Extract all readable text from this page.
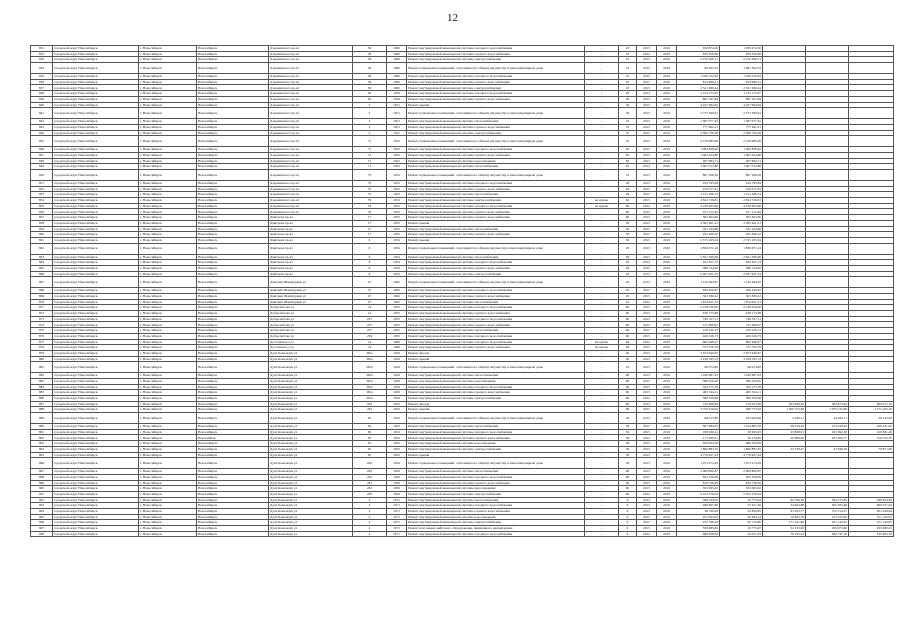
12
831	городской округ Новосибирск	г. Новосибирск	Новосибирск	Дзержинского пр-кт	36	1960	Ремонт внутридомовой инженерной системы холодного водоснабжения	-	23	2015	2016	650 874,20	1 059 474,36			
832	городской округ Новосибирск	г. Новосибирск	Новосибирск	Дзержинского пр-кт	36	1960	Ремонт внутридомовой инженерной системы горячего водоснабжения	-	23	2015	2016	879 358,69	879 358,69			
833	городской округ Новосибирск	г. Новосибирск	Новосибирск	Дзержинского пр-кт	36	1960	Ремонт внутридомовой инженерной системы электроснабжения	-	23	2015	2016	2 270 266,71	2 270 266,71			
834	городской округ Новосибирск	г. Новосибирск	Новосибирск	Дзержинского пр-кт	36	1960	Ремонт подвальных помещений, относящихся к общему имуществу в многоквартирном доме	-	16	2015	2016	69 362,53	1 081 362,53			
835	городской округ Новосибирск	г. Новосибирск	Новосибирск	Дзержинского пр-кт	36	1960	Ремонт внутридомовой инженерной системы холодного водоснабжения	-	45	2015	2016	1 036 532,93	1 036 532,93			
836	городской округ Новосибирск	г. Новосибирск	Новосибирск	Дзержинского пр-кт	36	1960	Ремонт внутридомовой инженерной системы горячего водоснабжения	-	45	2015	2016	814 980,21	814 980,21			
837	городской округ Новосибирск	г. Новосибирск	Новосибирск	Дзержинского пр-кт	36	1960	Ремонт внутридомовой инженерной системы электроснабжения	-	45	2015	2016	2 521 690,44	2 521 690,44			
838	городской округ Новосибирск	г. Новосибирск	Новосибирск	Дзержинского пр-кт	40	1956	Ремонт внутридомовой инженерной системы холодного водоснабжения	-	30	2015	2016	1 123 175,07	1 123 175,07			
839	городской округ Новосибирск	г. Новосибирск	Новосибирск	Дзержинского пр-кт	40	1956	Ремонт внутридомовой инженерной системы горячего водоснабжения	-	30	2015	2016	897 167,84	897 167,84			
840	городской округ Новосибирск	г. Новосибирск	Новосибирск	Дзержинского пр-кт	2	1951	Ремонт крыши	-	30	2015	2016	4 427 694,93	4 427 694,93			
841	городской округ Новосибирск	г. Новосибирск	Новосибирск	Дзержинского пр-кт	2	1951	Ремонт подвальных помещений, относящихся к общему имуществу в многоквартирном доме	-	30	2015	2016	2 773 399,61	2 773 399,61			
842	городской округ Новосибирск	г. Новосибирск	Новосибирск	Дзержинского пр-кт	2	1951	Ремонт внутридомовой инженерной системы теплоснабжения	-	35	2015	2016	1 587 077,45	1 587 077,45			
843	городской округ Новосибирск	г. Новосибирск	Новосибирск	Дзержинского пр-кт	2	1951	Ремонт внутридомовой инженерной системы горячего водоснабжения	-	35	2015	2016	777 662,21	777 662,21			
844	городской округ Новосибирск	г. Новосибирск	Новосибирск	Дзержинского пр-кт	2	1951	Ремонт внутридомовой инженерной системы электроснабжения	-	35	2015	2016	2 560 720,58	2 560 720,58			
845	городской округ Новосибирск	г. Новосибирск	Новосибирск	Дзержинского пр-кт	71	1952	Ремонт подвальных помещений, относящихся к общему имуществу в многоквартирном доме	-	35	2015	2016	2 156 985,99	2 156 985,99			
846	городской округ Новосибирск	г. Новосибирск	Новосибирск	Дзержинского пр-кт	71	1952	Ремонт внутридомовой инженерной системы холодного водоснабжения	-	65	2015	2016	1 092 838,62	1 092 838,62			
847	городской округ Новосибирск	г. Новосибирск	Новосибирск	Дзержинского пр-кт	71	1952	Ремонт внутридомовой инженерной системы горячего водоснабжения	-	65	2015	2016	1 062 424,80	1 062 424,80			
848	городской округ Новосибирск	г. Новосибирск	Новосибирск	Дзержинского пр-кт	71	1952	Ремонт внутридомовой инженерной системы водоотведения	-	65	2015	2016	267 684,71	267 684,71			
849	городской округ Новосибирск	г. Новосибирск	Новосибирск	Дзержинского пр-кт	71	1952	Ремонт внутридомовой инженерной системы теплоснабжения	-	65	2015	2016	1 607 012,86	1 607 012,86			
850	городской округ Новосибирск	г. Новосибирск	Новосибирск	Дзержинского пр-кт	75	1952	Ремонт подвальных помещений, относящихся к общему имуществу в многоквартирном доме	-	52	2015	2016	897 168,56	897 168,56			
851	городской округ Новосибирск	г. Новосибирск	Новосибирск	Дзержинского пр-кт	75	1952	Ремонт внутридомовой инженерной системы холодного водоснабжения	-	29	2015	2016	434 795,84	434 795,84			
852	городской округ Новосибирск	г. Новосибирск	Новосибирск	Дзержинского пр-кт	75	1952	Ремонт внутридомовой инженерной системы горячего водоснабжения	-	29	2015	2016	476 577,61	476 577,61			
853	городской округ Новосибирск	г. Новосибирск	Новосибирск	Дзержинского пр-кт	75	1952	Ремонт внутридомовой инженерной системы теплоснабжения	-	29	2015	2016	1 151 566,74	1 151 566,74			
854	городской округ Новосибирск	г. Новосибирск	Новосибирск	Дзержинского пр-кт	79	1952	Ремонт внутридомовой инженерной системы электроснабжения	не нужно	62	2015	2016	2 824 726,81	2 824 726,81			
855	городской округ Новосибирск	г. Новосибирск	Новосибирск	Дзержинского пр-кт	79	1952	Ремонт внутридомовой инженерной системы холодного водоснабжения	не нужно	60	2015	2016	4 230 903,66	4 230 903,66			
856	городской округ Новосибирск	г. Новосибирск	Новосибирск	Дзержинского пр-кт	79	1952	Ремонт внутридомовой инженерной системы горячего водоснабжения	-	60	2015	2016	471 212,49	471 212,49			
857	городской округ Новосибирск	г. Новосибирск	Новосибирск	Дмитрова пр-кт	17	1955	Ремонт внутридомовой инженерной системы горячего водоснабжения	-	60	2015	2016	505 604,60	505 604,60			
858	городской округ Новосибирск	г. Новосибирск	Новосибирск	Дмитрова пр-кт	17	1955	Ремонт крыши	-	30	2015	2016	4 585 461,41	4 585 461,41			
859	городской округ Новосибирск	г. Новосибирск	Новосибирск	Дмитрова пр-кт	17	1955	Ремонт внутридомовой инженерной системы теплоснабжения	-	30	2015	2016	321 324,86	321 324,86			
860	городской округ Новосибирск	г. Новосибирск	Новосибирск	Дмитрова пр-кт	17	1955	Ремонт внутридомовой инженерной системы горячего водоснабжения	-	30	2015	2016	455 499,22	455 499,22			
861	городской округ Новосибирск	г. Новосибирск	Новосибирск	Дмитрова пр-кт	6	1954	Ремонт крыши	-	39	2015	2016	2 715 165,04	2 745 165,04			
862	городской округ Новосибирск	г. Новосибирск	Новосибирск	Дмитрова пр-кт	6	1954	Ремонт подвальных помещений, относящихся к общему имуществу в многоквартирном доме	-	29	2015	2016	1 856 671,24	1 856 671,24			
863	городской округ Новосибирск	г. Новосибирск	Новосибирск	Дмитрова пр-кт	6	1954	Ремонт внутридомовой инженерной системы теплоснабжения	-	29	2015	2016	2 651 590,06	2 651 590,06			
864	городской округ Новосибирск	г. Новосибирск	Новосибирск	Дмитрова пр-кт	6	1954	Ремонт внутридомовой инженерной системы холодного водоснабжения	-	29	2015	2016	622 427,13	622 427,13			
865	городской округ Новосибирск	г. Новосибирск	Новосибирск	Дмитрова пр-кт	6	1954	Ремонт внутридомовой инженерной системы горячего водоснабжения	-	29	2015	2016	388 134,65	388 134,65			
866	городской округ Новосибирск	г. Новосибирск	Новосибирск	Дмитрова пр-кт	6	1954	Ремонт внутридомовой инженерной системы электроснабжения	-	29	2015	2016	2 261 921,33	2 261 921,33			
867	городской округ Новосибирск	г. Новосибирск	Новосибирск	Дмитрия Шамшурина ул	47	1962	Ремонт подвальных помещений, относящихся к общему имуществу в многоквартирном доме	-	29	2015	2016	1 120 284,67	1 120 284,67			
868	городской округ Новосибирск	г. Новосибирск	Новосибирск	Дмитрия Шамшурина ул	47	1962	Ремонт внутридомовой инженерной системы холодного водоснабжения	-	45	2015	2016	636 420,87	636 420,87			
869	городской округ Новосибирск	г. Новосибирск	Новосибирск	Дмитрия Шамшурина ул	47	1962	Ремонт внутридомовой инженерной системы горячего водоснабжения	-	45	2015	2016	303 380,22	303 380,22			
870	городской округ Новосибирск	г. Новосибирск	Новосибирск	Дмитрия Шамшурина ул	47	1962	Ремонт внутридомовой инженерной системы теплоснабжения	-	45	2015	2016	1 814 921,31	1 814 921,31			
871	городской округ Новосибирск	г. Новосибирск	Новосибирск	Добролюбова ул	14	1955	Ремонт внутридомовой инженерной системы холодного водоснабжения	-	60	2015	2016	2 158 230,00	2 158 230,00			
872	городской округ Новосибирск	г. Новосибирск	Новосибирск	Добролюбова ул	14	1955	Ремонт внутридомовой инженерной системы горячего водоснабжения	-	60	2015	2016	918 173,98	918 173,98			
873	городской округ Новосибирск	г. Новосибирск	Новосибирск	Добролюбова ул	257	1955	Ремонт внутридомовой инженерной системы холодного водоснабжения	-	60	2015	2016	726 557,11	726 557,11			
874	городской округ Новосибирск	г. Новосибирск	Новосибирск	Добролюбова ул	257	1955	Ремонт внутридомовой инженерной системы горячего водоснабжения	-	60	2015	2016	131 699,97	131 699,97			
875	городской округ Новосибирск	г. Новосибирск	Новосибирск	Добролюбова ул	257	1955	Ремонт внутридомовой инженерной системы теплоснабжения	-	60	2015	2016	156 520,13	156 520,13			
876	городской округ Новосибирск	г. Новосибирск	Новосибирск	Добролюбова ул	259	1955	Ремонт внутридомовой инженерной системы холодного водоснабжения	-	60	2015	2016	426 526,73	426 526,73			
877	городской округ Новосибирск	г. Новосибирск	Новосибирск	Достоевского ул	14	1966	Ремонт внутридомовой инженерной системы холодного водоснабжения	не нужно	49	2015	2016	692 498,47	692 498,47			
878	городской округ Новосибирск	г. Новосибирск	Новосибирск	Достоевского ул	14	1966	Ремонт внутридомовой инженерной системы горячего водоснабжения	не нужно	49	2015	2016	573 756,79	573 756,79			
879	городской округ Новосибирск	г. Новосибирск	Новосибирск	Дуси Ковальчук ул	381a	1929	Ремонт фасада	-	40	2015	2016	2 673 640,67	2 673 640,67			
880	городской округ Новосибирск	г. Новосибирск	Новосибирск	Дуси Ковальчук ул	381a	1929	Ремонт крыши	-	40	2015	2016	3 018 595,13	3 018 595,13			
881	городской округ Новосибирск	г. Новосибирск	Новосибирск	Дуси Ковальчук ул	381a	1929	Ремонт подвальных помещений, относящихся к общему имуществу в многоквартирном доме	-	25	2015	2016	66 074,82	66 074,82			
882	городской округ Новосибирск	г. Новосибирск	Новосибирск	Дуси Ковальчук ул	381a	1929	Ремонт внутридомовой инженерной системы теплоснабжения	-	60	2015	2016	1 160 987,43	1 160 987,43			
883	городской округ Новосибирск	г. Новосибирск	Новосибирск	Дуси Ковальчук ул	381a	1929	Ремонт внутридомовой инженерной системы водоотведения	-	60	2015	2016	589 259,20	589 259,20			
884	городской округ Новосибирск	г. Новосибирск	Новосибирск	Дуси Ковальчук ул	381a	1929	Ремонт внутридомовой инженерной системы холодного водоснабжения	-	60	2015	2016	354 175,78	354 175,78			
885	городской округ Новосибирск	г. Новосибирск	Новосибирск	Дуси Ковальчук ул	381a	1929	Ремонт внутридомовой инженерной системы горячего водоснабжения	-	60	2015	2016	465 524,11	465 524,11			
886	городской округ Новосибирск	г. Новосибирск	Новосибирск	Дуси Ковальчук ул	381a	1929	Ремонт внутридомовой инженерной системы электроснабжения	-	60	2015	2016	589 359,68	589 359,68			
887	городской округ Новосибирск	г. Новосибирск	Новосибирск	Дуси Ковальчук ул	263	1952	Ремонт фасада	-	60	2015	2016	732 698,83	110 953,06	293 089,26	582 873,04	669 673,10
888	городской округ Новосибирск	г. Новосибирск	Новосибирск	Дуси Ковальчук ул	263	1952	Ремонт крыши	-	60	2015	2016	3 750 616,94	568 773,63	1 500 753,08	1 970 125,69	1 172 105,10
889	городской округ Новосибирск	г. Новосибирск	Новосибирск	Дуси Ковальчук ул	65	1952	Ремонт подвальных помещений, относящихся к общему имуществу в многоквартирном доме	-	39	2015	2016	66 015,80	455 950,06	5 050,11	44 945,11	29 145,03
890	городской округ Новосибирск	г. Новосибирск	Новосибирск	Дуси Ковальчук ул	65	1952	Ремонт внутридомовой инженерной системы теплоснабжения	-	39	2015	2016	607 984,05	1 612 865,78	20 234,18	212 039,45	160 911,02
891	городской округ Новосибирск	г. Новосибирск	Новосибирск	Дуси Ковальчук ул	65	1952	Ремонт внутридомовой инженерной системы холодного водоснабжения	-	39	2015	2016	198 290,41	30 063,03	25 868,91	181 992,38	126 861,28
892	городской округ Новосибирск	г. Новосибирск	Новосибirsk	Дуси Ковальчук ул	65	1952	Ремонт внутридомовой инженерной системы горячего водоснабжения	-	39	2015	2016	171 009,31	26 119,85	30 689,00	181 993,77	156 523,76
893	городской округ Новосибирск	г. Новосибирск	Новосибирск	Дуси Ковальчук ул	65	1952	Ремонт внутридомовой инженерной системы водоотведения	-	39	2015	2016	656 064,56	666 329,09			
894	городской округ Новосибирск	г. Новосибирск	Новосибирск	Дуси Ковальчук ул	65	1952	Ремонт внутридомовой инженерной системы электроснабжения	-	39	2015	2016	1 800 883,35	1 800 883,35	22 339,47	47 846,29	79 871,06
895	городской округ Новосибирск	г. Новосибирск	Новосибирск	Дуси Ковальчук ул	65	1952	Ремонт крыши	-	39	2015	2016	4 770 627,24	4 770 627,24			
896	городской округ Новосибирск	г. Новосибирск	Новосибирск	Дуси Ковальчук ул	263	1956	Ремонт подвальных помещений, относящихся к общему имуществу в многоквартирном доме	-	29	2015	2016	1 073 274,29	1 073 274,29			
897	городской округ Новосибирск	г. Новосибирск	Новосибирск	Дуси Ковальчук ул	263	1956	Ремонт внутридомовой инженерной системы теплоснабжения	-	60	2015	2016	2 009 800,87	2 009 800,87			
898	городской округ Новосибирск	г. Новосибирск	Новосибирск	Дуси Ковальчук ул	263	1956	Ремонт внутридомовой инженерной системы холодного водоснабжения	-	60	2015	2016	652 356,09	652 356,09			
899	городской округ Новосибирск	г. Новосибирск	Новосибирск	Дуси Ковальчук ул	263	1956	Ремонт внутридомовой инженерной системы горячего водоснабжения	-	60	2015	2016	816 738,29	816 738,29			
900	городской округ Новосибирск	г. Новосибирск	Новосибирск	Дуси Ковальчук ул	263	1956	Ремонт внутридомовой инженерной системы водоотведения	-	60	2015	2016	353 093,02	353 093,02			
901	городской округ Новосибирск	г. Новосибирск	Новосибирск	Дуси Ковальчук ул	263	1956	Ремонт внутридомовой инженерной системы электроснабжения	-	60	2015	2016	2 102 376,04	2 102 376,04			
902	городской округ Новосибирск	г. Новосибирск	Новосибирск	Дуси Ковальчук ул	2	1971	Ремонт внутридомовой инженерной системы теплоснабжения	-	9	2015	2016	588 764,02	70 775,04	94 799,36	394 775,85	590 844,84
903	городской округ Новосибирск	г. Новосибирск	Новосибирск	Дуси Ковальчук ул	2	1971	Ремонт внутридомовой инженерной системы холодного водоснабжения	-	9	2015	2016	468 667,60	57 611,36	34 994,88	305 263,48	609 527,04
904	городской округ Новосибирск	г. Новосибирск	Новосибирск	Дуси Ковальчук ул	2	1971	Ремонт внутридомовой инженерной системы горячего водоснабжения	-	9	2015	2016	36 790,09	22 806,85	91 655,77	572 514,57	651 928,94
905	городской округ Новосибирск	г. Новосибирск	Новосибирск	Дуси Ковальчук ул	2	1971	Ремонт внутридомовой инженерной системы водоотведения	-	9	2015	2016	451 004,02	20 484,14	76 862,76	131 070,43	151 142,97
906	городской округ Новосибирск	г. Новосибирск	Новосибирск	Дуси Ковальчук ул	2	1971	Ремонт внутридомовой инженерной системы электроснабжения	-	9	2015	2016	472 796,29	63 710,60	171 241,66	161 142,97	151 142,97
907	городской округ Новосибирск	г. Новосибирск	Новосибирск	Дуси Ковальчук ул	2	1971	Ремонт или замена лифтового оборудования, признанного непригодным	-	9	2015	2016	539 685,84	19 775,07	52 233,06	256 673,06	255 980,23
908	городской округ Новосибирск	г. Новосибирск	Новосибирск	Дуси Ковальчук ул	2	1971	Ремонт внутридомовой инженерной системы холодного водоснабжения	-	9	2015	2016	696 658,04	24 931,33	70 102,03	282 747,16	232 903,18
